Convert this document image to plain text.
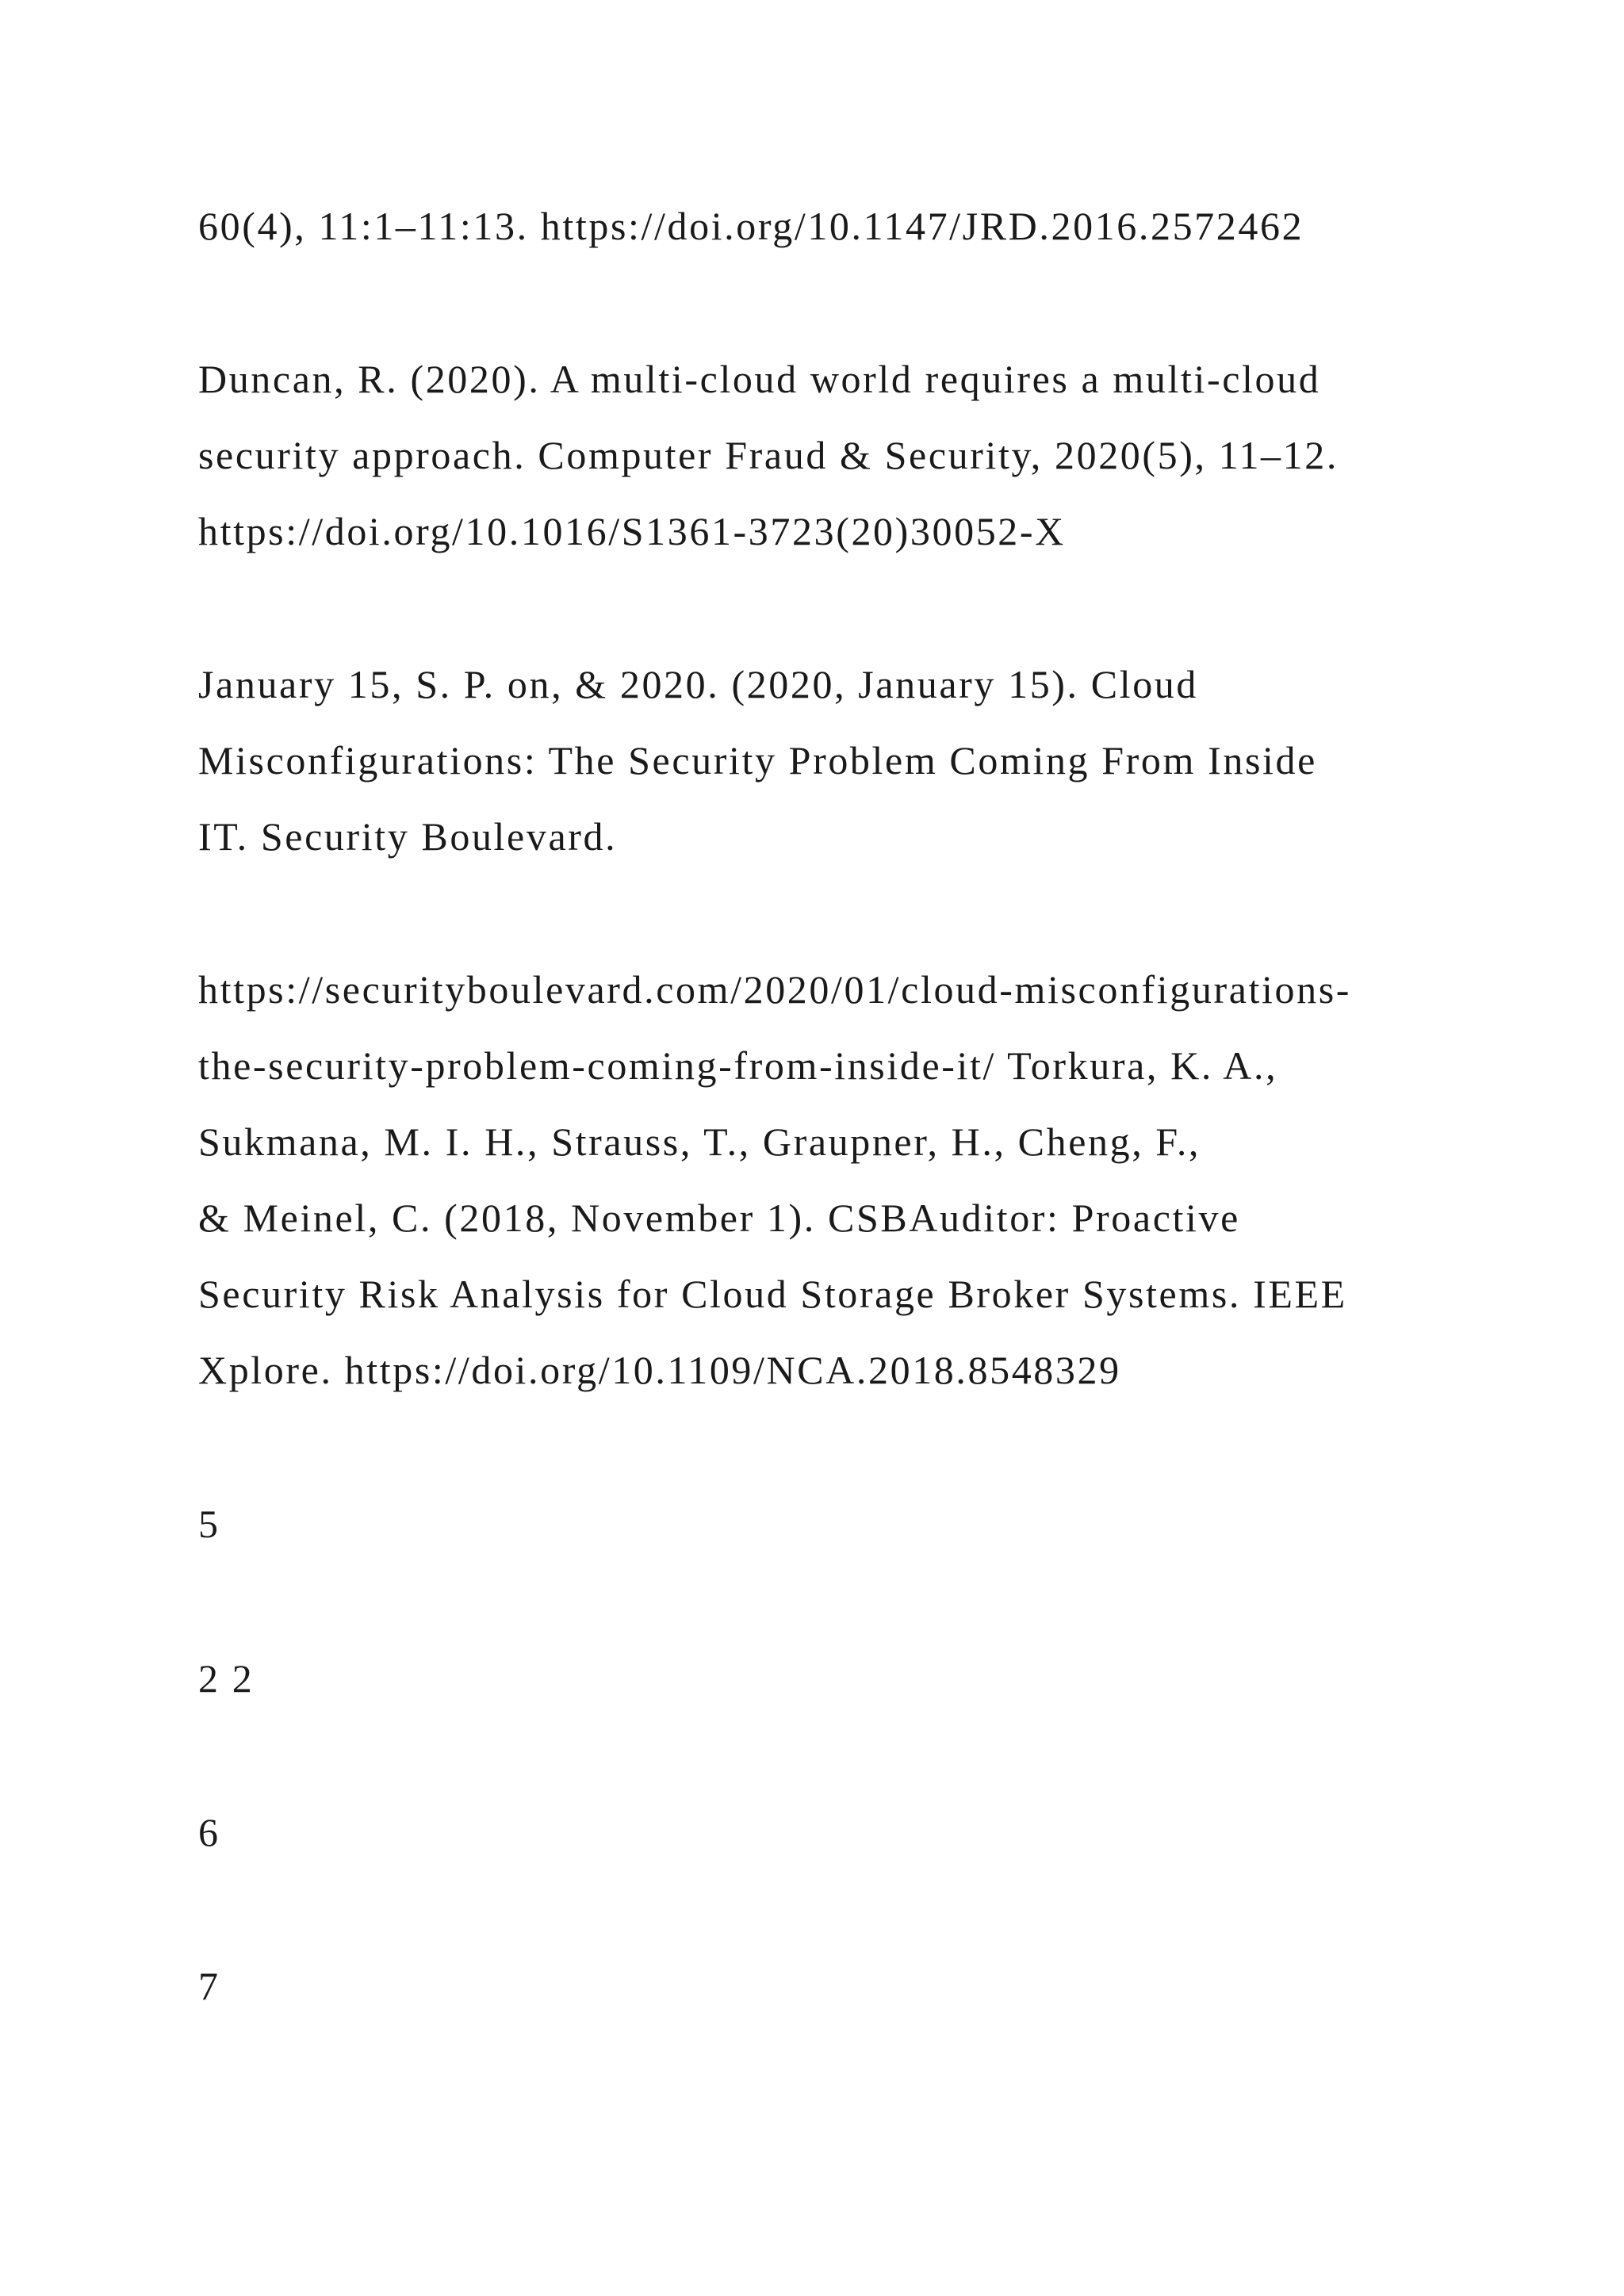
60(4), 11:1–11:13. https://doi.org/10.1147/JRD.2016.2572462
Duncan, R. (2020). A multi-cloud world requires a multi-cloud
security approach. Computer Fraud & Security, 2020(5), 11–12.
https://doi.org/10.1016/S1361-3723(20)30052-X
January 15, S. P. on, & 2020. (2020, January 15). Cloud
Misconfigurations: The Security Problem Coming From Inside
IT. Security Boulevard.
https://securityboulevard.com/2020/01/cloud-misconfigurations-
the-security-problem-coming-from-inside-it/ Torkura, K. A.,
Sukmana, M. I. H., Strauss, T., Graupner, H., Cheng, F.,
& Meinel, C. (2018, November 1). CSBAuditor: Proactive
Security Risk Analysis for Cloud Storage Broker Systems. IEEE
Xplore. https://doi.org/10.1109/NCA.2018.8548329
5
2 2
6
7
